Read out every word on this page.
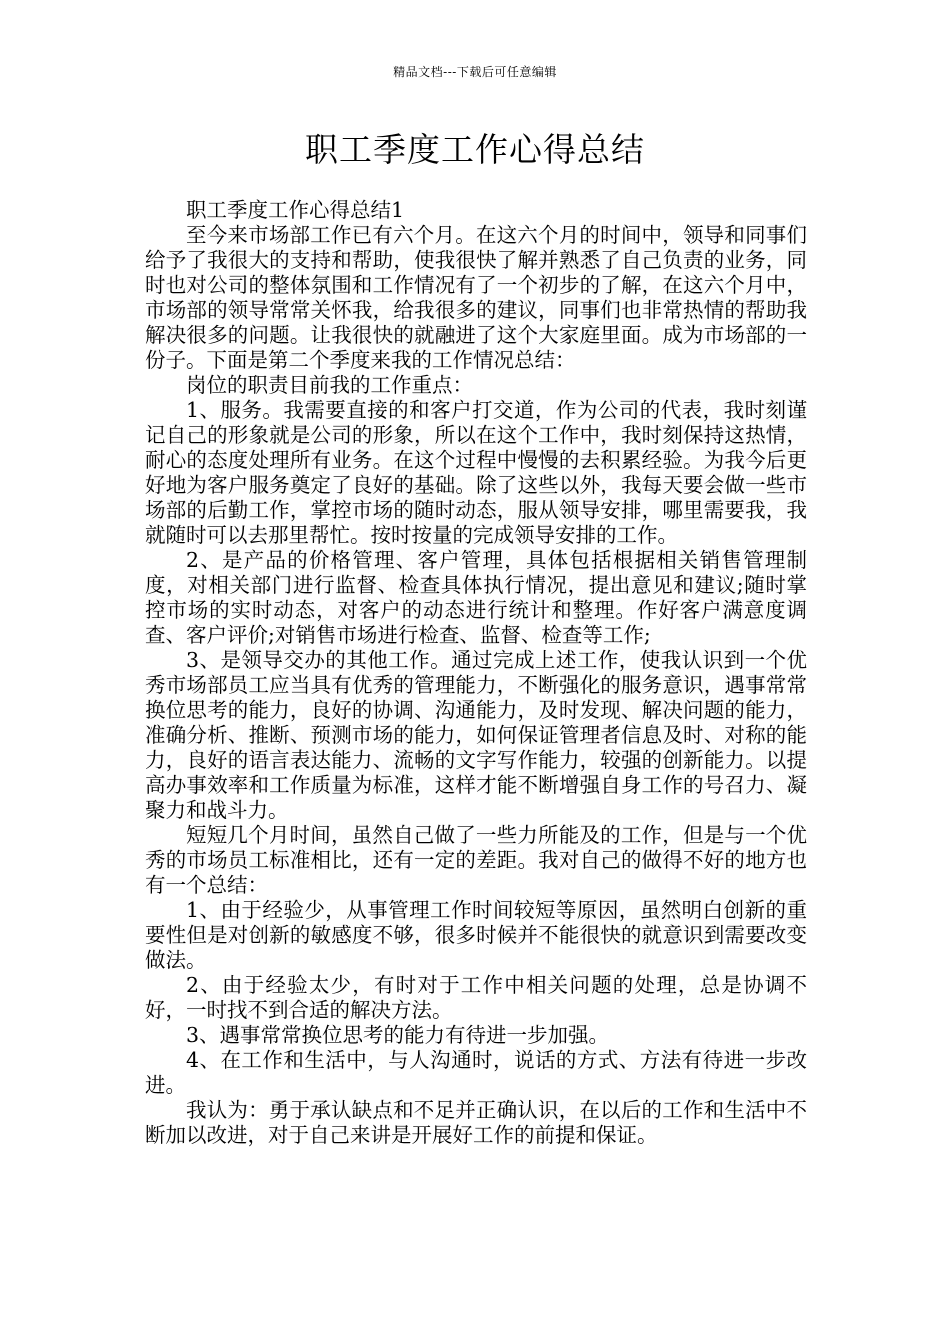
精品文档---下载后可任意编辑
职工季度工作心得总结

职工季度工作心得总结1

至今来市场部工作已有六个月。在这六个月的时间中，领导和同事们给予了我很大的支持和帮助，使我很快了解并熟悉了自己负责的业务，同时也对公司的整体氛围和工作情况有了一个初步的了解，在这六个月中，市场部的领导常常关怀我，给我很多的建议，同事们也非常热情的帮助我解决很多的问题。让我很快的就融进了这个大家庭里面。成为市场部的一份子。下面是第二个季度来我的工作情况总结：

岗位的职责目前我的工作重点：

1、服务。我需要直接的和客户打交道，作为公司的代表，我时刻谨记自己的形象就是公司的形象，所以在这个工作中，我时刻保持这热情，耐心的态度处理所有业务。在这个过程中慢慢的去积累经验。为我今后更好地为客户服务奠定了良好的基础。除了这些以外，我每天要会做一些市场部的后勤工作，掌控市场的随时动态，服从领导安排，哪里需要我，我就随时可以去那里帮忙。按时按量的完成领导安排的工作。

2、是产品的价格管理、客户管理，具体包括根据相关销售管理制度，对相关部门进行监督、检查具体执行情况，提出意见和建议;随时掌控市场的实时动态，对客户的动态进行统计和整理。作好客户满意度调查、客户评价;对销售市场进行检查、监督、检查等工作;

3、是领导交办的其他工作。通过完成上述工作，使我认识到一个优秀市场部员工应当具有优秀的管理能力，不断强化的服务意识，遇事常常换位思考的能力，良好的协调、沟通能力，及时发现、解决问题的能力，准确分析、推断、预测市场的能力，如何保证管理者信息及时、对称的能力，良好的语言表达能力、流畅的文字写作能力，较强的创新能力。以提高办事效率和工作质量为标准，这样才能不断增强自身工作的号召力、凝聚力和战斗力。

短短几个月时间，虽然自己做了一些力所能及的工作，但是与一个优秀的市场员工标准相比，还有一定的差距。我对自己的做得不好的地方也有一个总结：

1、由于经验少，从事管理工作时间较短等原因，虽然明白创新的重要性但是对创新的敏感度不够，很多时候并不能很快的就意识到需要改变做法。

2、由于经验太少，有时对于工作中相关问题的处理，总是协调不好，一时找不到合适的解决方法。

3、遇事常常换位思考的能力有待进一步加强。

4、在工作和生活中，与人沟通时，说话的方式、方法有待进一步改进。

我认为：勇于承认缺点和不足并正确认识，在以后的工作和生活中不断加以改进，对于自己来讲是开展好工作的前提和保证。
